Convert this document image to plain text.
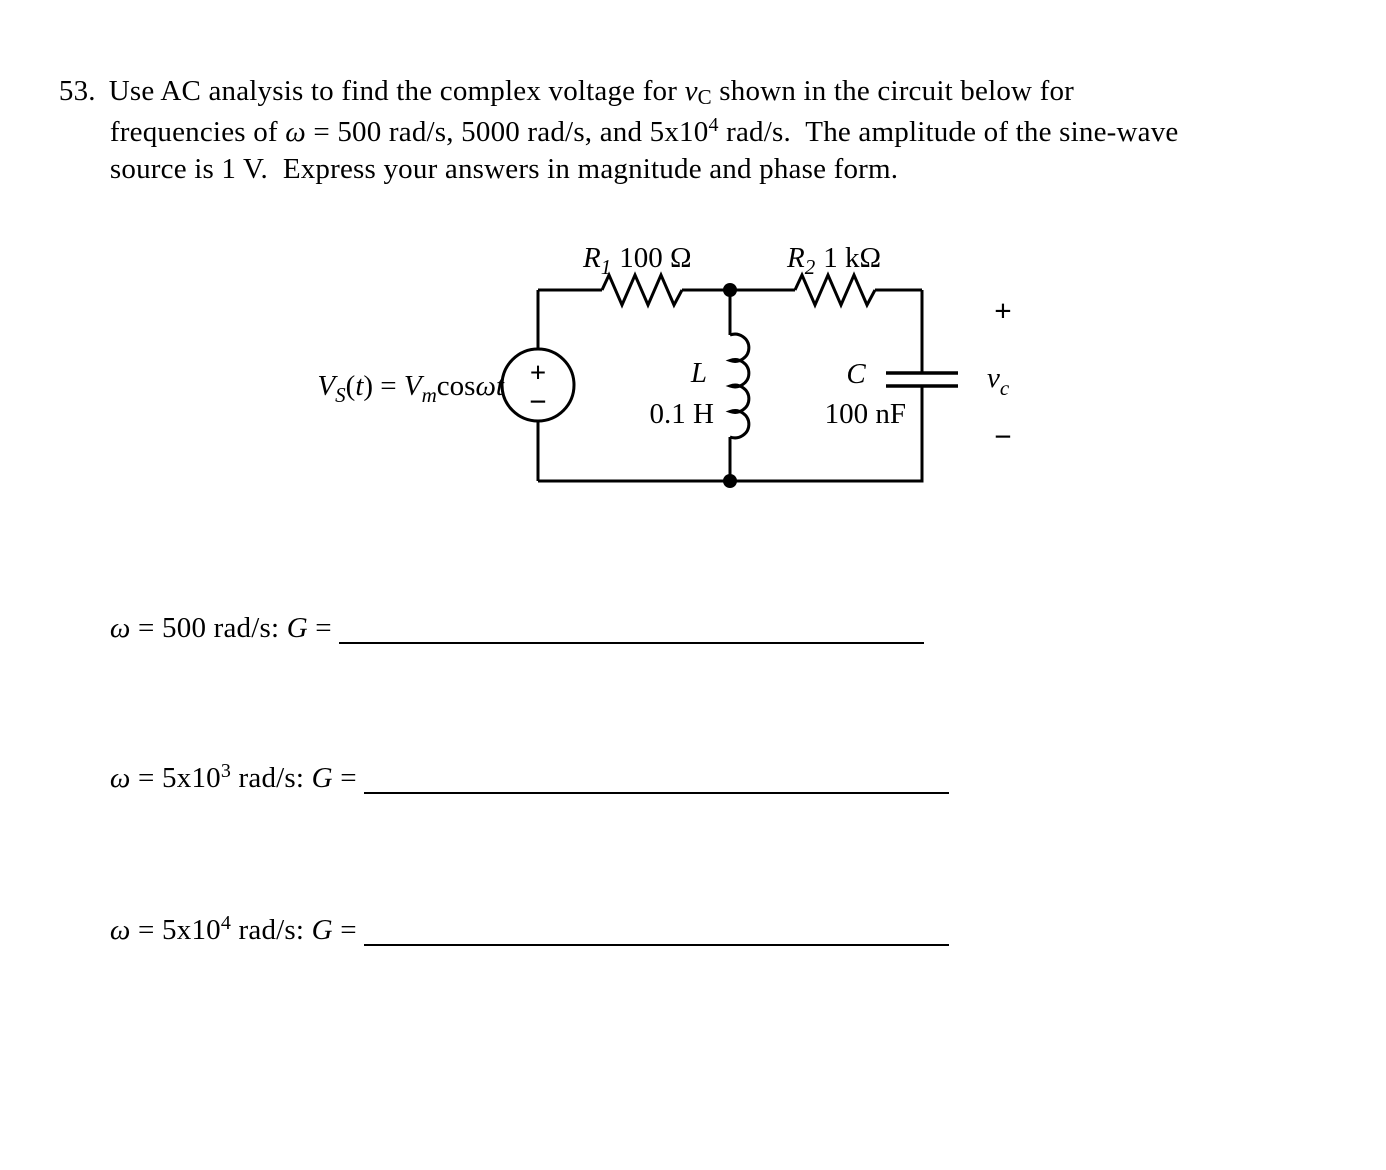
53. Use AC analysis to find the complex voltage for vC shown in the circuit below for

frequencies of ω = 500 rad/s, 5000 rad/s, and $5x10^4$ rad/s.  The amplitude of the sine-wave

source is 1 V.  Express your answers in magnitude and phase form.

+
−
$V_S(t) = V_m\cos\omega t$
$R_1$ 100 Ω	$R_2$ 1 kΩ
L
0.1 H
C
100 nF
+
$v_c$
−

ω = 500 rad/s: G =

$\omega = 5x10^3$ rad/s: G =

$\omega = 5x10^4$ rad/s: G =
